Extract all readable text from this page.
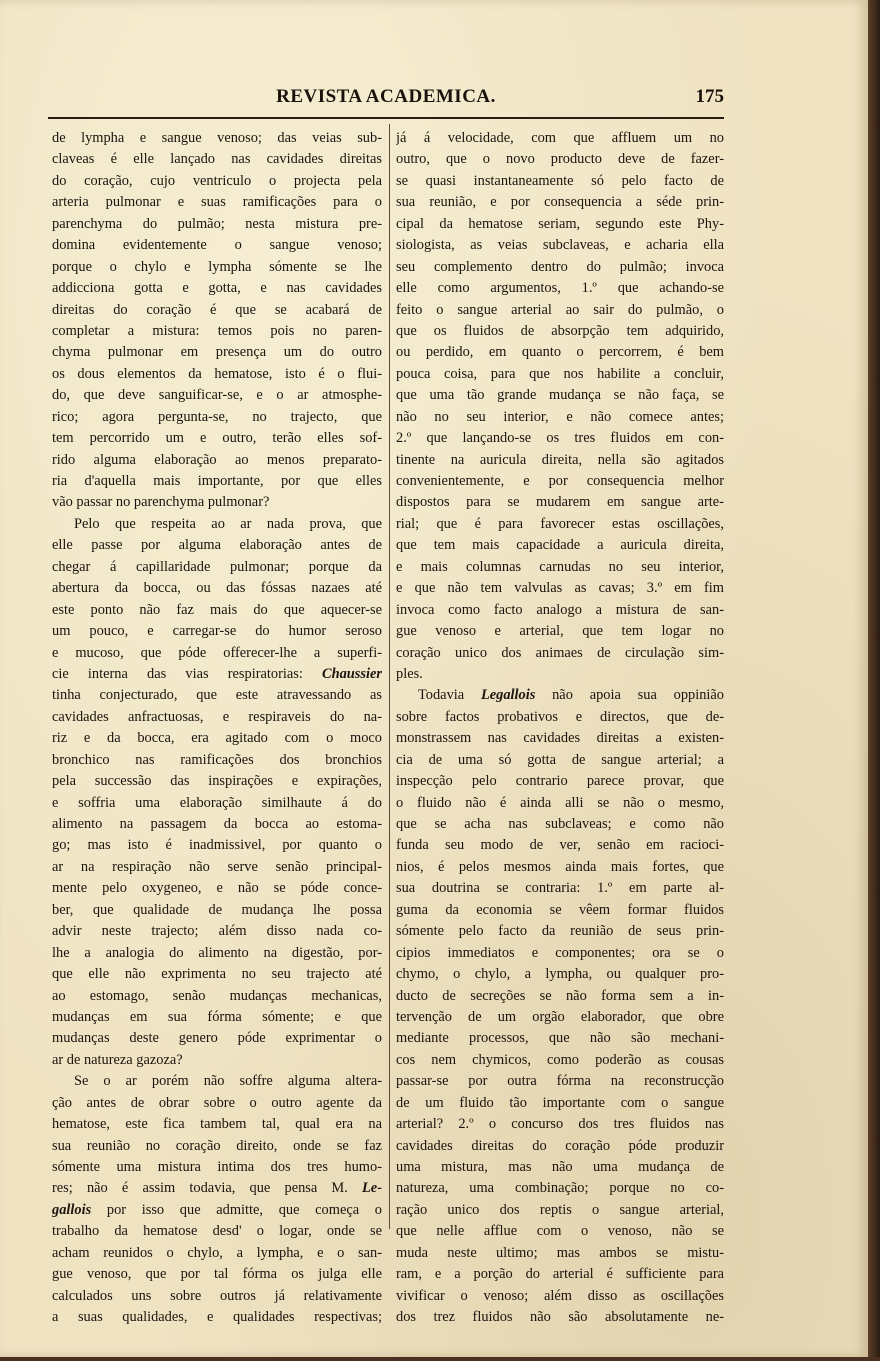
REVISTA ACADEMICA.	175
de lympha e sangue venoso; das veias sub-
claveas é elle lançado nas cavidades direitas
do coração, cujo ventriculo o projecta pela
arteria pulmonar e suas ramificações para o
parenchyma do pulmão; nesta mistura pre-
domina evidentemente o sangue venoso;
porque o chylo e lympha sómente se lhe
addicciona gotta e gotta, e nas cavidades
direitas do coração é que se acabará de
completar a mistura: temos pois no paren-
chyma pulmonar em presença um do outro
os dous elementos da hematose, isto é o flui-
do, que deve sanguificar-se, e o ar atmosphe-
rico; agora pergunta-se, no trajecto, que
tem percorrido um e outro, terão elles sof-
rido alguma elaboração ao menos preparato-
ria d'aquella mais importante, por que elles
vão passar no parenchyma pulmonar?
Pelo que respeita ao ar nada prova, que
elle passe por alguma elaboração antes de
chegar á capillaridade pulmonar; porque da
abertura da bocca, ou das fóssas nazaes até
este ponto não faz mais do que aquecer-se
um pouco, e carregar-se do humor seroso
e mucoso, que póde offerecer-lhe a superfi-
cie interna das vias respiratorias: Chaussier
tinha conjecturado, que este atravessando as
cavidades anfractuosas, e respiraveis do na-
riz e da bocca, era agitado com o moco
bronchico nas ramificações dos bronchios
pela successão das inspirações e expirações,
e soffria uma elaboração similhaute á do
alimento na passagem da bocca ao estoma-
go; mas isto é inadmissivel, por quanto o
ar na respiração não serve senão principal-
mente pelo oxygeneo, e não se póde conce-
ber, que qualidade de mudança lhe possa
advir neste trajecto; além disso nada co-
lhe a analogia do alimento na digestão, por-
que elle não exprimenta no seu trajecto até
ao estomago, senão mudanças mechanicas,
mudanças em sua fórma sómente; e que
mudanças deste genero póde exprimentar o
ar de natureza gazoza?
Se o ar porém não soffre alguma altera-
ção antes de obrar sobre o outro agente da
hematose, este fica tambem tal, qual era na
sua reunião no coração direito, onde se faz
sómente uma mistura intima dos tres humo-
res; não é assim todavia, que pensa M. Le-
gallois por isso que admitte, que começa o
trabalho da hematose desd' o logar, onde se
acham reunidos o chylo, a lympha, e o san-
gue venoso, que por tal fórma os julga elle
calculados uns sobre outros já relativamente
a suas qualidades, e qualidades respectivas;
já á velocidade, com que affluem um no
outro, que o novo producto deve de fazer-
se quasi instantaneamente só pelo facto de
sua reunião, e por consequencia a séde prin-
cipal da hematose seriam, segundo este Phy-
siologista, as veias subclaveas, e acharia ella
seu complemento dentro do pulmão; invoca
elle como argumentos, 1.º que achando-se
feito o sangue arterial ao sair do pulmão, o
que os fluidos de absorpção tem adquirido,
ou perdido, em quanto o percorrem, é bem
pouca coisa, para que nos habilite a concluir,
que uma tão grande mudança se não faça, se
não no seu interior, e não comece antes;
2.º que lançando-se os tres fluidos em con-
tinente na auricula direita, nella são agitados
convenientemente, e por consequencia melhor
dispostos para se mudarem em sangue arte-
rial; que é para favorecer estas oscillações,
que tem mais capacidade a auricula direita,
e mais columnas carnudas no seu interior,
e que não tem valvulas as cavas; 3.º em fim
invoca como facto analogo a mistura de san-
gue venoso e arterial, que tem logar no
coração unico dos animaes de circulação sim-
ples.
Todavia Legallois não apoia sua oppinião
sobre factos probativos e directos, que de-
monstrassem nas cavidades direitas a existen-
cia de uma só gotta de sangue arterial; a
inspecção pelo contrario parece provar, que
o fluido não é ainda alli se não o mesmo,
que se acha nas subclaveas; e como não
funda seu modo de ver, senão em racioci-
nios, é pelos mesmos ainda mais fortes, que
sua doutrina se contraria: 1.º em parte al-
guma da economia se vêem formar fluidos
sómente pelo facto da reunião de seus prin-
cipios immediatos e componentes; ora se o
chymo, o chylo, a lympha, ou qualquer pro-
ducto de secreções se não forma sem a in-
tervenção de um orgão elaborador, que obre
mediante processos, que não são mechani-
cos nem chymicos, como poderão as cousas
passar-se por outra fórma na reconstrucção
de um fluido tão importante com o sangue
arterial? 2.º o concurso dos tres fluidos nas
cavidades direitas do coração póde produzir
uma mistura, mas não uma mudança de
natureza, uma combinação; porque no co-
ração unico dos reptis o sangue arterial,
que nelle afflue com o venoso, não se
muda neste ultimo; mas ambos se mistu-
ram, e a porção do arterial é sufficiente para
vivificar o venoso; além disso as oscillações
dos trez fluidos não são absolutamente ne-
